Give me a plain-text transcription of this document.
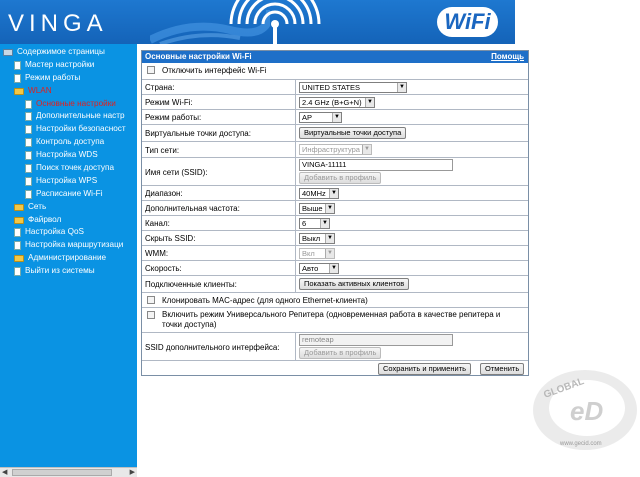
VINGA	WiFi
Содержимое страницы
Мастер настройки
Режим работы
WLAN
Основные настройки
Дополнительные настр
Настройки безопасност
Контроль доступа
Настройка WDS
Поиск точек доступа
Настройка WPS
Расписание Wi-Fi
Сеть
Файрвол
Настройка QoS
Настройка маршрутизаци
Администрирование
Выйти из системы
◀	▶
Основные настройки Wi-Fi	Помощь
Отключить интерфейс Wi-Fi
Страна:	UNITED STATES	▼
Режим Wi-Fi:	2.4 GHz (B+G+N) ▼
Режим работы:	AP	▼
Виртуальные точки доступа:	Виртуальные точки доступа
Тип сети:	Инфраструктура ▼
Имя сети (SSID):
VINGA-11111
Добавить в профиль
Диапазон:	40MHz ▼
Дополнительная частота:	Выше ▼
Канал:	6	▼
Скрыть SSID:	Выкл	▼
WMM:	Вкл	▼
Скорость:	Авто	▼
Подключенные клиенты:	Показать активных клиентов
Клонировать MAC-адрес (для одного Ethernet-клиента)
Включить режим Универсального Репитера (одновременная работа в качестве репитера и точки доступа)
SSID дополнительного интерфейса:
remoteap
Добавить в профиль
Сохранить и применить	Отменить
GLOBAL
www.gecid.com
eD
